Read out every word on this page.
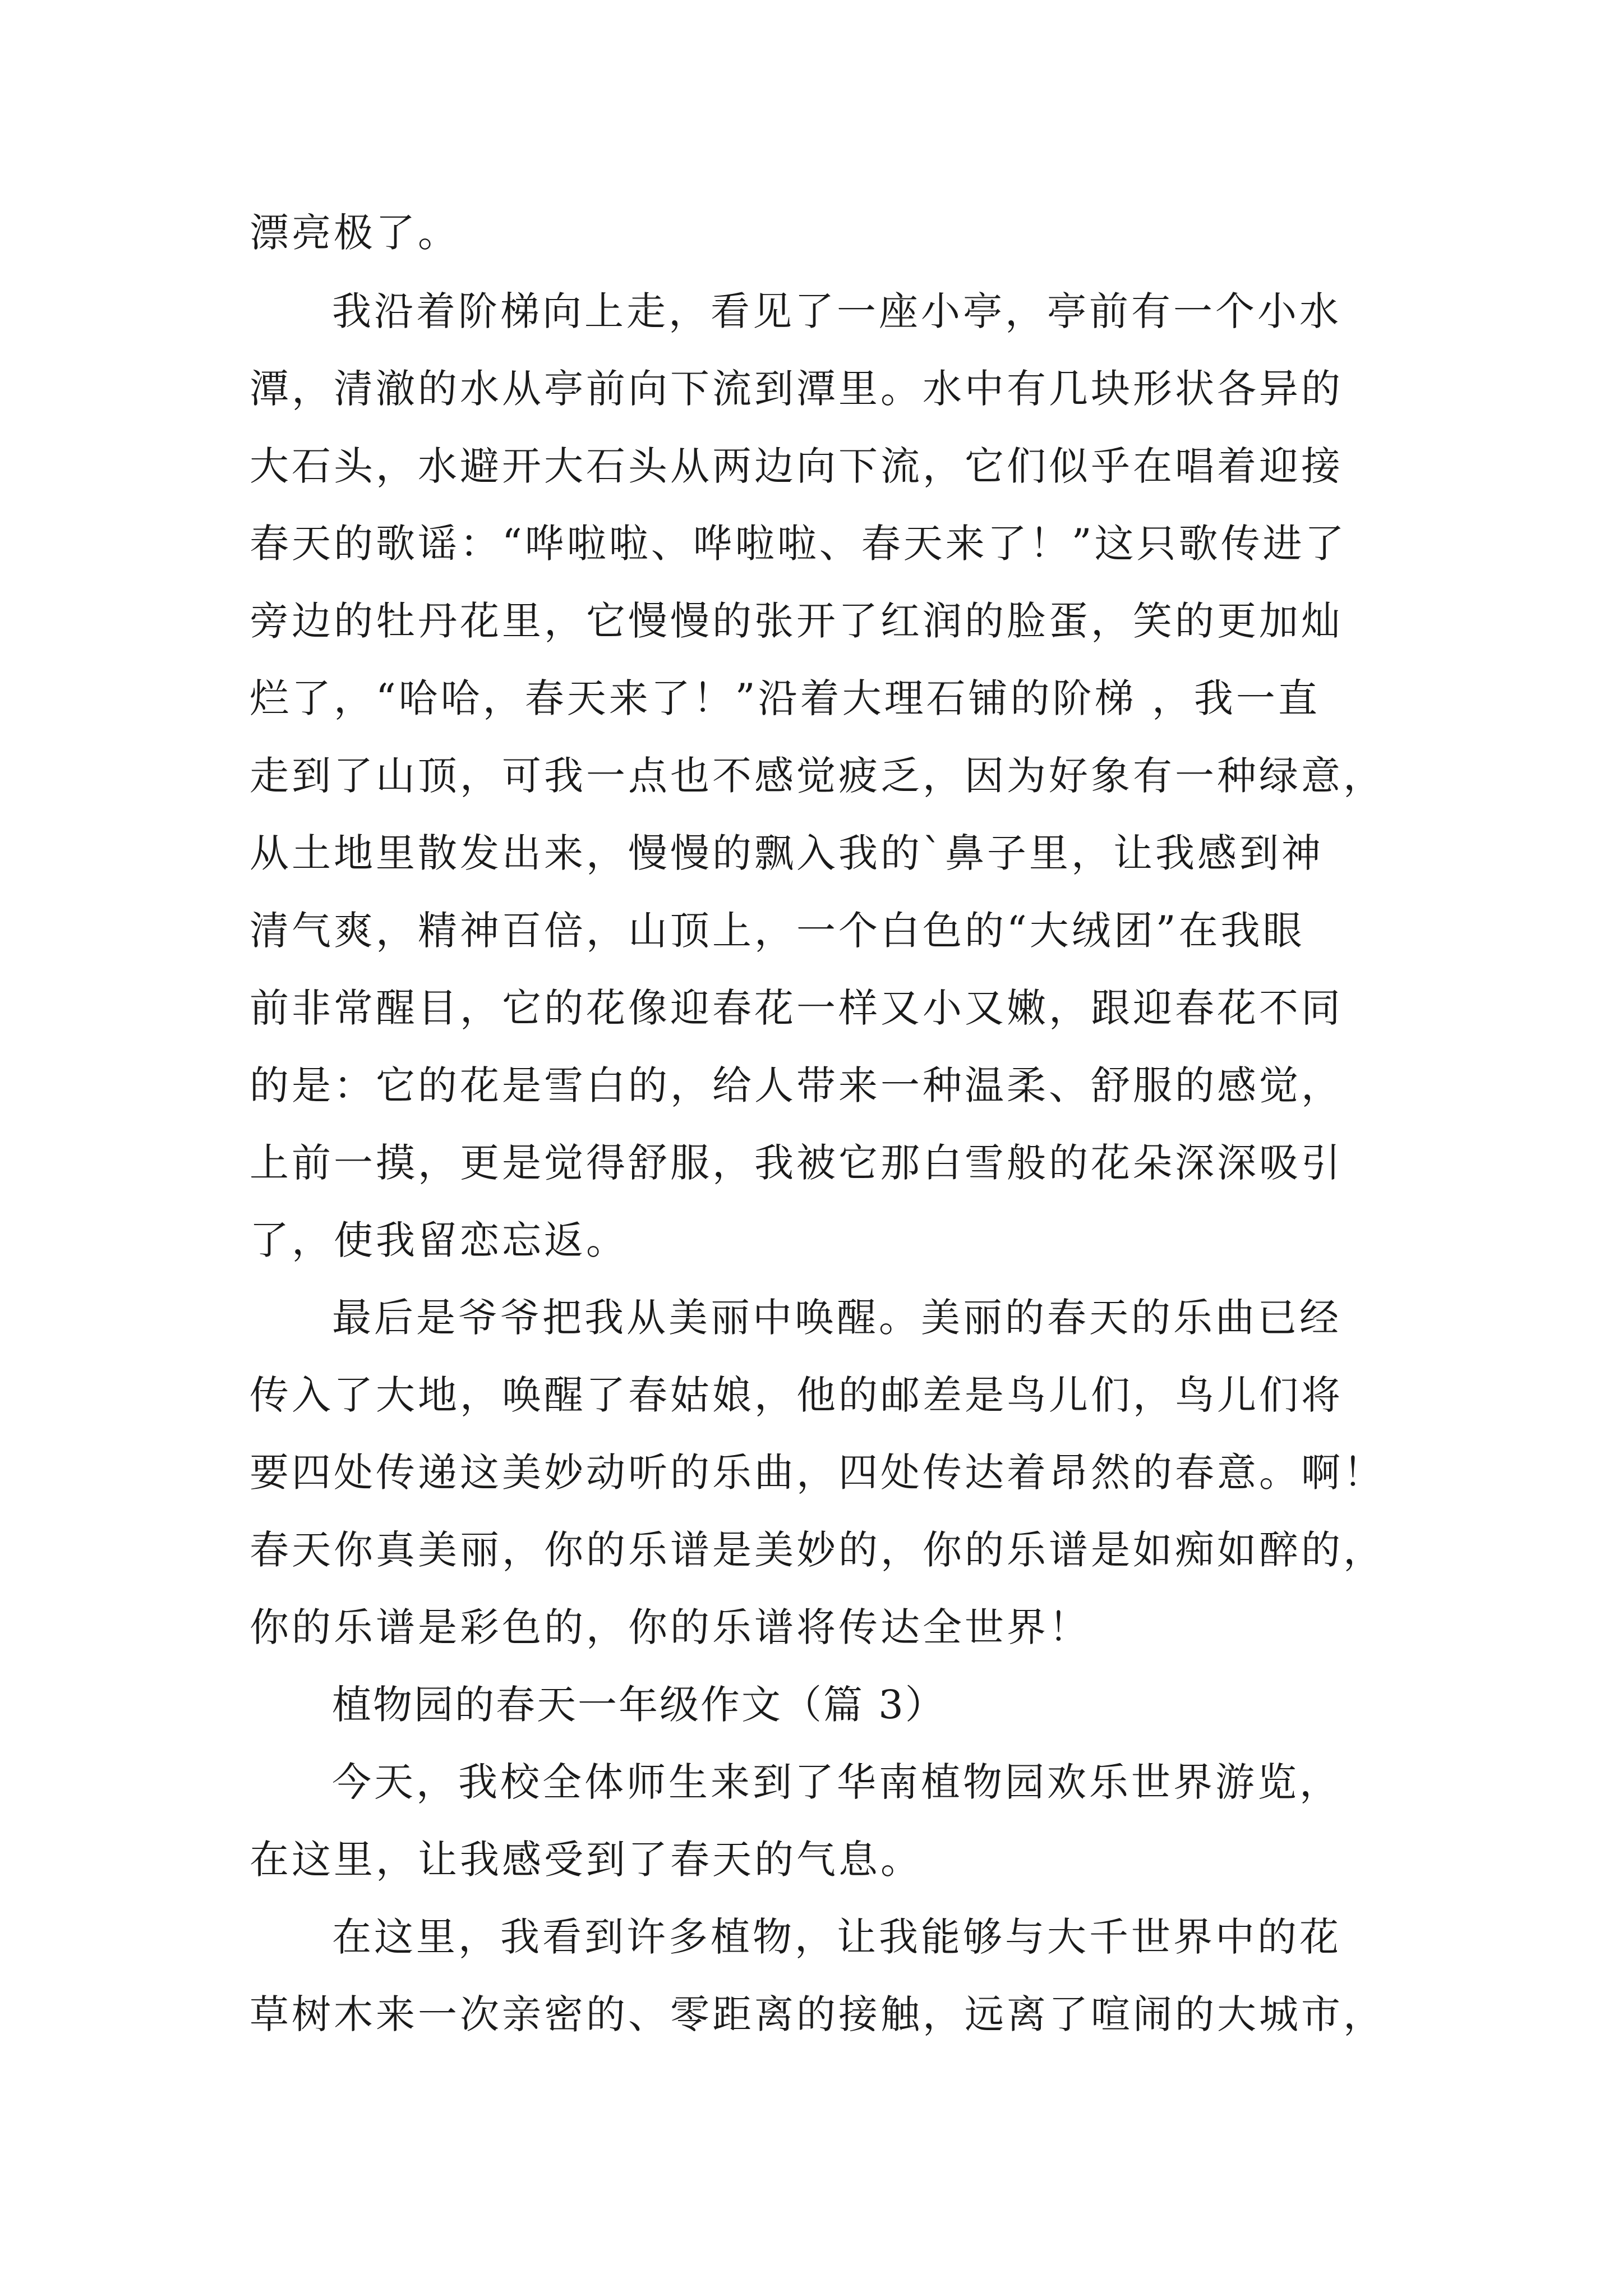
漂亮极了。
我沿着阶梯向上走，看见了一座小亭，亭前有一个小水
潭，清澈的水从亭前向下流到潭里。水中有几块形状各异的
大石头，水避开大石头从两边向下流，它们似乎在唱着迎接
春天的歌谣：“哗啦啦、哗啦啦、春天来了！”这只歌传进了
旁边的牡丹花里，它慢慢的张开了红润的脸蛋，笑的更加灿
烂了，“哈哈，春天来了！”沿着大理石铺的阶梯 ，我一直
走到了山顶，可我一点也不感觉疲乏，因为好象有一种绿意，
从土地里散发出来，慢慢的飘入我的`鼻子里，让我感到神
清气爽，精神百倍，山顶上，一个白色的“大绒团”在我眼
前非常醒目，它的花像迎春花一样又小又嫩，跟迎春花不同
的是：它的花是雪白的，给人带来一种温柔、舒服的感觉，
上前一摸，更是觉得舒服，我被它那白雪般的花朵深深吸引
了，使我留恋忘返。
最后是爷爷把我从美丽中唤醒。美丽的春天的乐曲已经
传入了大地，唤醒了春姑娘，他的邮差是鸟儿们，鸟儿们将
要四处传递这美妙动听的乐曲，四处传达着昂然的春意。啊！
春天你真美丽，你的乐谱是美妙的，你的乐谱是如痴如醉的，
你的乐谱是彩色的，你的乐谱将传达全世界！
植物园的春天一年级作文（篇 3）
今天，我校全体师生来到了华南植物园欢乐世界游览，
在这里，让我感受到了春天的气息。
在这里，我看到许多植物，让我能够与大千世界中的花
草树木来一次亲密的、零距离的接触，远离了喧闹的大城市，
